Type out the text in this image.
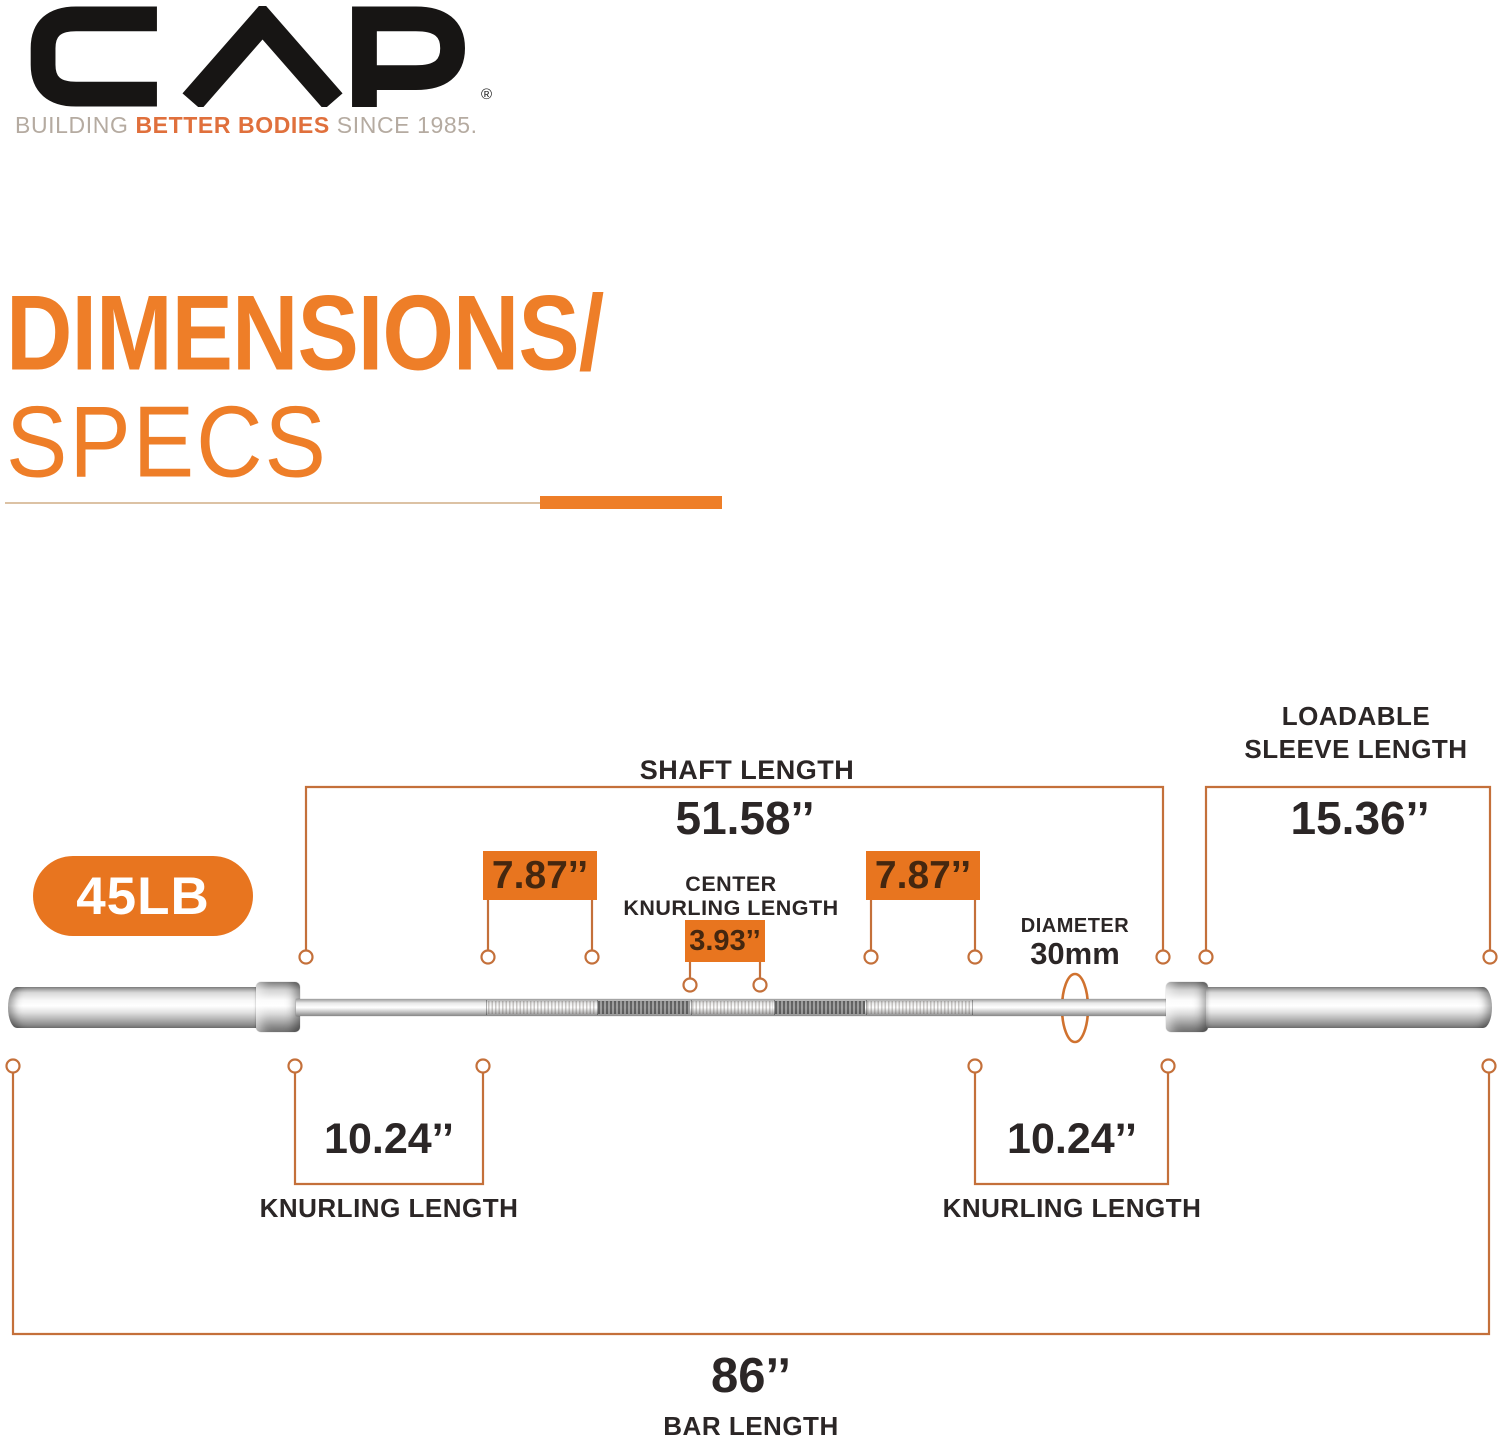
®
BUILDING BETTER BODIES SINCE 1985.
DIMENSIONS/
SPECS
45LB
SHAFT LENGTH
51.58’’
LOADABLE
SLEEVE LENGTH
15.36’’
7.87’’	7.87’’
CENTER
KNURLING LENGTH
3.93’’	DIAMETER
30mm
10.24’’
KNURLING LENGTH
10.24’’
KNURLING LENGTH
86’’
BAR LENGTH
